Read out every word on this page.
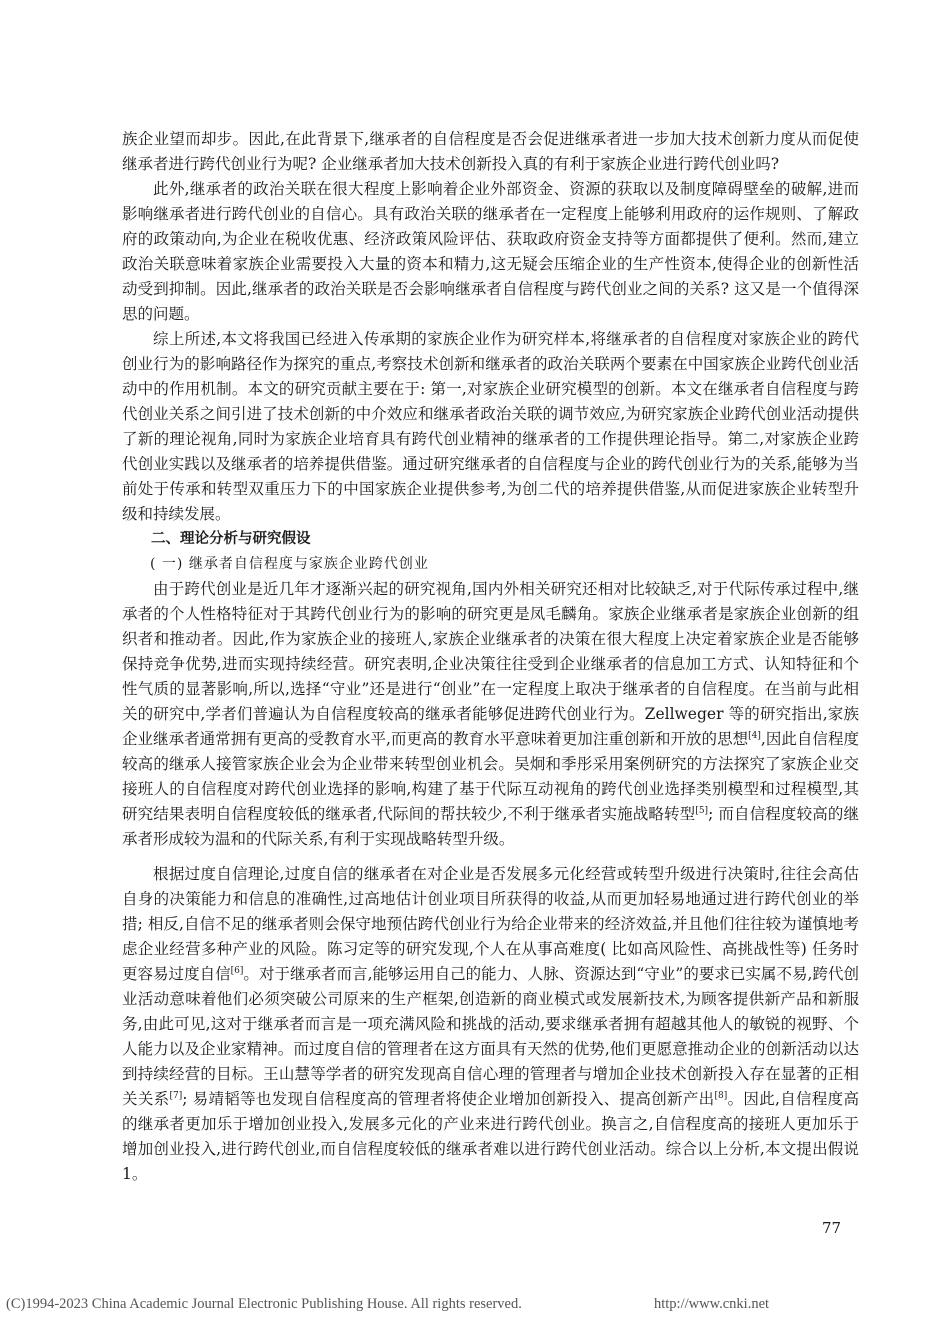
族企业望而却步。因此,在此背景下,继承者的自信程度是否会促进继承者进一步加大技术创新力度从而促使继承者进行跨代创业行为呢? 企业继承者加大技术创新投入真的有利于家族企业进行跨代创业吗?
此外,继承者的政治关联在很大程度上影响着企业外部资金、资源的获取以及制度障碍壁垒的破解,进而影响继承者进行跨代创业的自信心。具有政治关联的继承者在一定程度上能够利用政府的运作规则、了解政府的政策动向,为企业在税收优惠、经济政策风险评估、获取政府资金支持等方面都提供了便利。然而,建立政治关联意味着家族企业需要投入大量的资本和精力,这无疑会压缩企业的生产性资本,使得企业的创新性活动受到抑制。因此,继承者的政治关联是否会影响继承者自信程度与跨代创业之间的关系? 这又是一个值得深思的问题。
综上所述,本文将我国已经进入传承期的家族企业作为研究样本,将继承者的自信程度对家族企业的跨代创业行为的影响路径作为探究的重点,考察技术创新和继承者的政治关联两个要素在中国家族企业跨代创业活动中的作用机制。本文的研究贡献主要在于: 第一,对家族企业研究模型的创新。本文在继承者自信程度与跨代创业关系之间引进了技术创新的中介效应和继承者政治关联的调节效应,为研究家族企业跨代创业活动提供了新的理论视角,同时为家族企业培育具有跨代创业精神的继承者的工作提供理论指导。第二,对家族企业跨代创业实践以及继承者的培养提供借鉴。通过研究继承者的自信程度与企业的跨代创业行为的关系,能够为当前处于传承和转型双重压力下的中国家族企业提供参考,为创二代的培养提供借鉴,从而促进家族企业转型升级和持续发展。
二、理论分析与研究假设
( 一) 继承者自信程度与家族企业跨代创业
由于跨代创业是近几年才逐渐兴起的研究视角,国内外相关研究还相对比较缺乏,对于代际传承过程中,继承者的个人性格特征对于其跨代创业行为的影响的研究更是凤毛麟角。家族企业继承者是家族企业创新的组织者和推动者。因此,作为家族企业的接班人,家族企业继承者的决策在很大程度上决定着家族企业是否能够保持竞争优势,进而实现持续经营。研究表明,企业决策往往受到企业继承者的信息加工方式、认知特征和个性气质的显著影响,所以,选择“守业”还是进行“创业”在一定程度上取决于继承者的自信程度。在当前与此相关的研究中,学者们普遍认为自信程度较高的继承者能够促进跨代创业行为。Zellweger 等的研究指出,家族企业继承者通常拥有更高的受教育水平,而更高的教育水平意味着更加注重创新和开放的思想[4],因此自信程度较高的继承人接管家族企业会为企业带来转型创业机会。吴炯和季彤采用案例研究的方法探究了家族企业交接班人的自信程度对跨代创业选择的影响,构建了基于代际互动视角的跨代创业选择类别模型和过程模型,其研究结果表明自信程度较低的继承者,代际间的帮扶较少,不利于继承者实施战略转型[5]; 而自信程度较高的继承者形成较为温和的代际关系,有利于实现战略转型升级。
根据过度自信理论,过度自信的继承者在对企业是否发展多元化经营或转型升级进行决策时,往往会高估自身的决策能力和信息的准确性,过高地估计创业项目所获得的收益,从而更加轻易地通过进行跨代创业的举措; 相反,自信不足的继承者则会保守地预估跨代创业行为给企业带来的经济效益,并且他们往往较为谨慎地考虑企业经营多种产业的风险。陈习定等的研究发现,个人在从事高难度( 比如高风险性、高挑战性等) 任务时更容易过度自信[6]。对于继承者而言,能够运用自己的能力、人脉、资源达到“守业”的要求已实属不易,跨代创业活动意味着他们必须突破公司原来的生产框架,创造新的商业模式或发展新技术,为顾客提供新产品和新服务,由此可见,这对于继承者而言是一项充满风险和挑战的活动,要求继承者拥有超越其他人的敏锐的视野、个人能力以及企业家精神。而过度自信的管理者在这方面具有天然的优势,他们更愿意推动企业的创新活动以达到持续经营的目标。王山慧等学者的研究发现高自信心理的管理者与增加企业技术创新投入存在显著的正相关关系[7]; 易靖韬等也发现自信程度高的管理者将使企业增加创新投入、提高创新产出[8]。因此,自信程度高的继承者更加乐于增加创业投入,发展多元化的产业来进行跨代创业。换言之,自信程度高的接班人更加乐于增加创业投入,进行跨代创业,而自信程度较低的继承者难以进行跨代创业活动。综合以上分析,本文提出假说 1。
77
(C)1994-2023 China Academic Journal Electronic Publishing House. All rights reserved.	http://www.cnki.net
